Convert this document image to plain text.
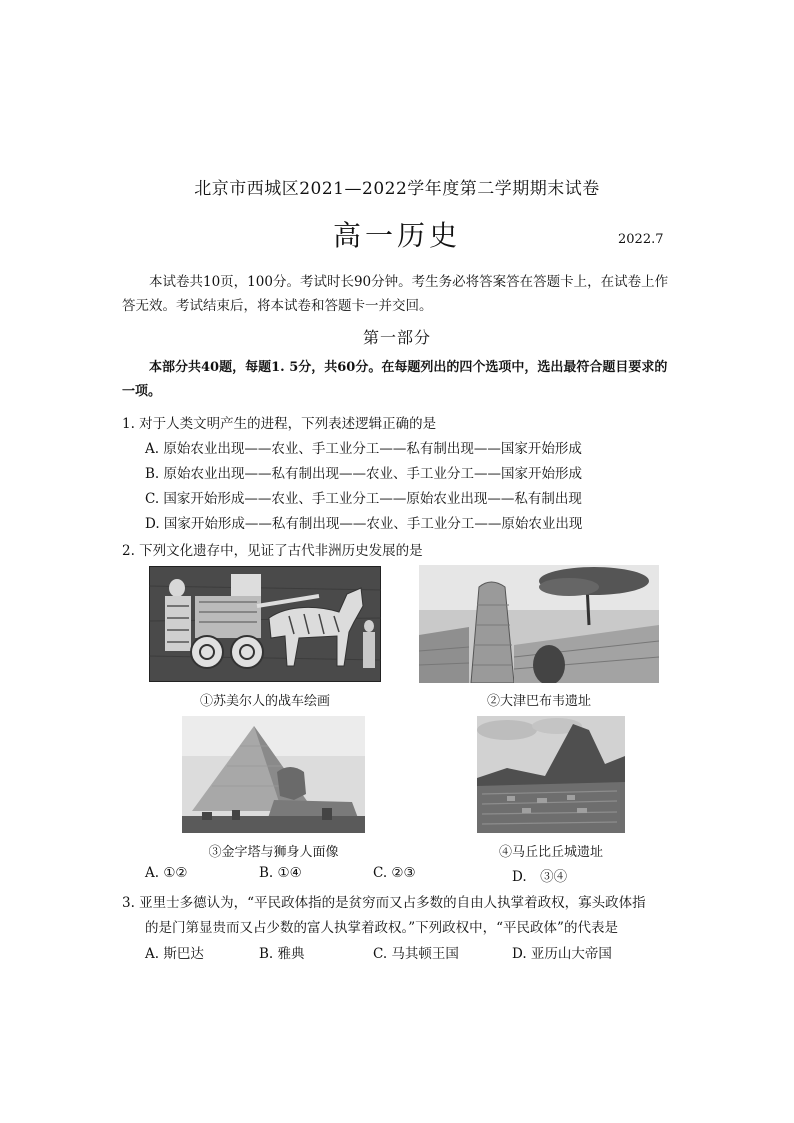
北京市西城区2021—2022学年度第二学期期末试卷
高一历史	2022.7
本试卷共10页，100分。考试时长90分钟。考生务必将答案答在答题卡上，在试卷上作答无效。考试结束后，将本试卷和答题卡一并交回。
第一部分
本部分共40题，每题1. 5分，共60分。在每题列出的四个选项中，选出最符合题目要求的一项。
1. 对于人类文明产生的进程，下列表述逻辑正确的是
A. 原始农业出现——农业、手工业分工——私有制出现——国家开始形成
B. 原始农业出现——私有制出现——农业、手工业分工——国家开始形成
C. 国家开始形成——农业、手工业分工——原始农业出现——私有制出现
D. 国家开始形成——私有制出现——农业、手工业分工——原始农业出现
2. 下列文化遗存中，见证了古代非洲历史发展的是
①苏美尔人的战车绘画	②大津巴布韦遗址
③金字塔与狮身人面像	④马丘比丘城遗址
A. ①②	B. ①④	C. ②③	D.　③④
3. 亚里士多德认为，“平民政体指的是贫穷而又占多数的自由人执掌着政权，寡头政体指
的是门第显贵而又占少数的富人执掌着政权。”下列政权中，“平民政体”的代表是
A. 斯巴达	B. 雅典	C. 马其顿王国	D. 亚历山大帝国
